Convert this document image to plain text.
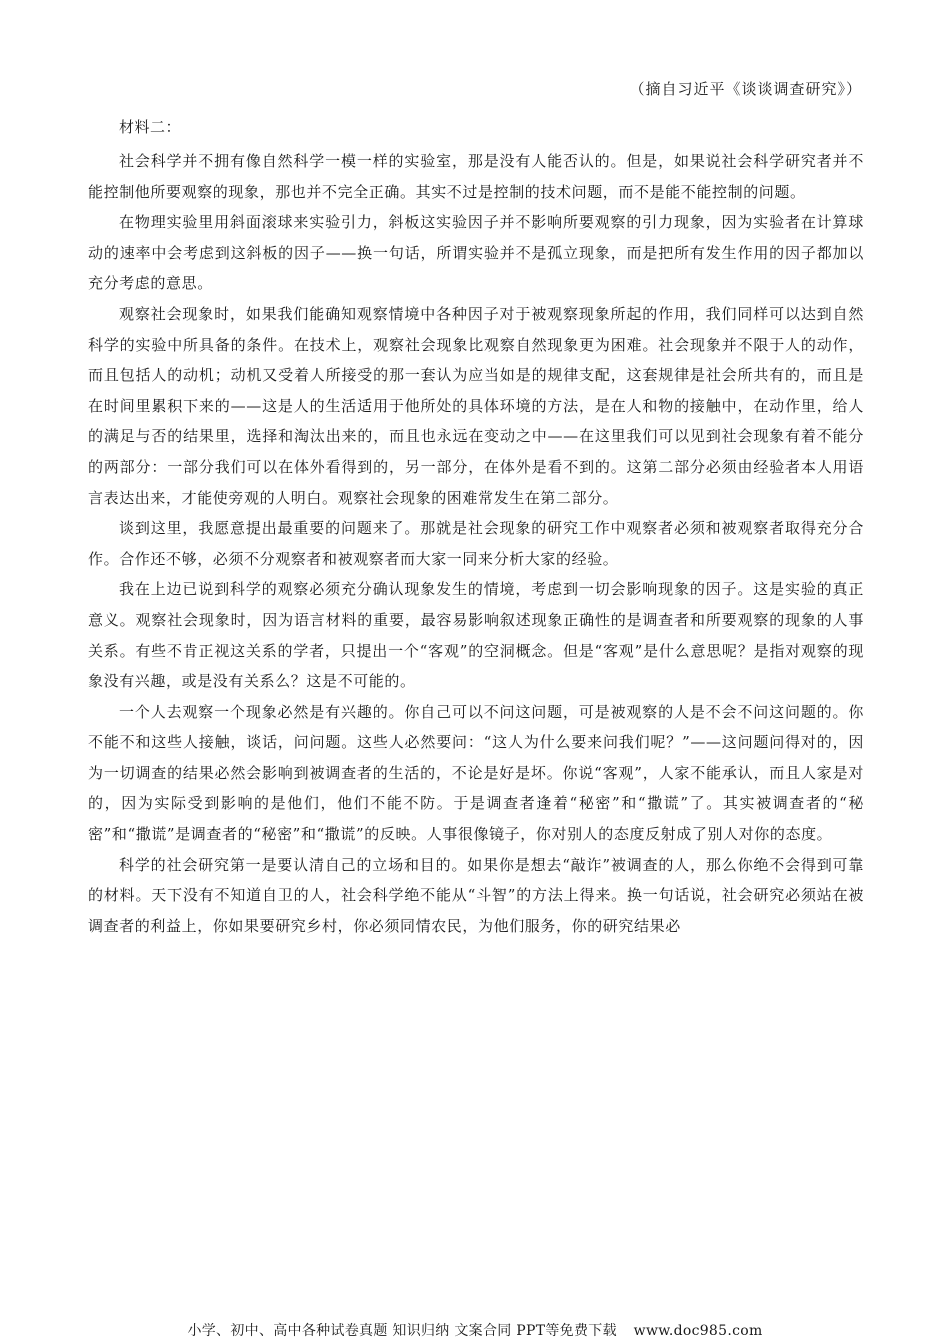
（摘自习近平《谈谈调查研究》）

材料二：

社会科学并不拥有像自然科学一模一样的实验室，那是没有人能否认的。但是，如果说社会科学研究者并不能控制他所要观察的现象，那也并不完全正确。其实不过是控制的技术问题，而不是能不能控制的问题。

在物理实验里用斜面滚球来实验引力，斜板这实验因子并不影响所要观察的引力现象，因为实验者在计算球动的速率中会考虑到这斜板的因子——换一句话，所谓实验并不是孤立现象，而是把所有发生作用的因子都加以充分考虑的意思。

观察社会现象时，如果我们能确知观察情境中各种因子对于被观察现象所起的作用，我们同样可以达到自然科学的实验中所具备的条件。在技术上，观察社会现象比观察自然现象更为困难。社会现象并不限于人的动作，而且包括人的动机；动机又受着人所接受的那一套认为应当如是的规律支配，这套规律是社会所共有的，而且是在时间里累积下来的——这是人的生活适用于他所处的具体环境的方法，是在人和物的接触中，在动作里，给人的满足与否的结果里，选择和淘汰出来的，而且也永远在变动之中——在这里我们可以见到社会现象有着不能分的两部分：一部分我们可以在体外看得到的，另一部分，在体外是看不到的。这第二部分必须由经验者本人用语言表达出来，才能使旁观的人明白。观察社会现象的困难常发生在第二部分。

谈到这里，我愿意提出最重要的问题来了。那就是社会现象的研究工作中观察者必须和被观察者取得充分合作。合作还不够，必须不分观察者和被观察者而大家一同来分析大家的经验。

我在上边已说到科学的观察必须充分确认现象发生的情境，考虑到一切会影响现象的因子。这是实验的真正意义。观察社会现象时，因为语言材料的重要，最容易影响叙述现象正确性的是调查者和所要观察的现象的人事关系。有些不肯正视这关系的学者，只提出一个“客观”的空洞概念。但是“客观”是什么意思呢？是指对观察的现象没有兴趣，或是没有关系么？这是不可能的。

一个人去观察一个现象必然是有兴趣的。你自己可以不问这问题，可是被观察的人是不会不问这问题的。你不能不和这些人接触，谈话，问问题。这些人必然要问：“这人为什么要来问我们呢？”——这问题问得对的，因为一切调查的结果必然会影响到被调查者的生活的，不论是好是坏。你说“客观”，人家不能承认，而且人家是对的，因为实际受到影响的是他们，他们不能不防。于是调查者逢着“秘密”和“撒谎”了。其实被调查者的“秘密”和“撒谎”是调查者的“秘密”和“撒谎”的反映。人事很像镜子，你对别人的态度反射成了别人对你的态度。

科学的社会研究第一是要认清自己的立场和目的。如果你是想去“敲诈”被调查的人，那么你绝不会得到可靠的材料。天下没有不知道自卫的人，社会科学绝不能从“斗智”的方法上得来。换一句话说，社会研究必须站在被调查者的利益上，你如果要研究乡村，你必须同情农民，为他们服务，你的研究结果必

小学、初中、高中各种试卷真题 知识归纳 文案合同 PPT等免费下载 www.doc985.com
